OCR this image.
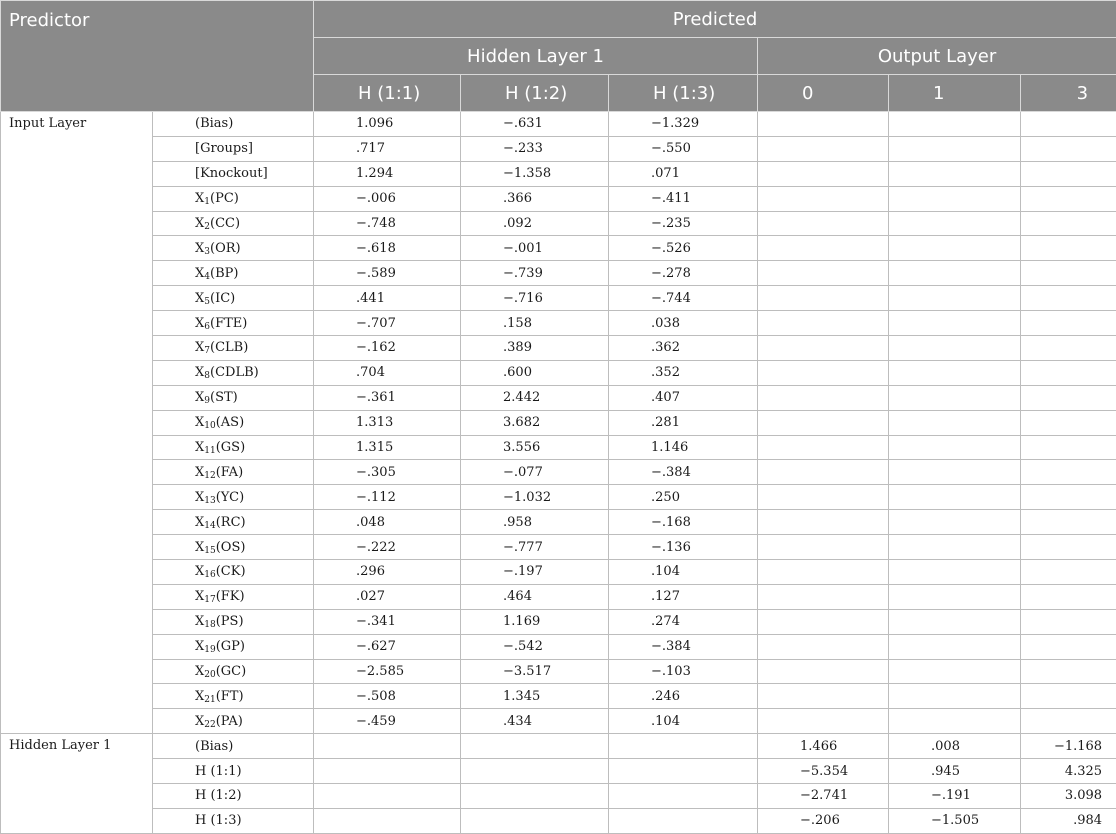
Predictor		Predicted					
		Hidden Layer 1			Output Layer		
		H (1:1)	H (1:2)	H (1:3)	0	1	3
Input Layer	(Bias)	1.096	−.631	−1.329			
	[Groups]	.717	−.233	−.550			
	[Knockout]	1.294	−1.358	.071			
	$X_1(PC)$	−.006	.366	−.411			
	$X_2(CC)$	−.748	.092	−.235			
	$X_3(OR)$	−.618	−.001	−.526			
	$X_4(BP)$	−.589	−.739	−.278			
	$X_5(IC)$	.441	−.716	−.744			
	$X_6(FTE)$	−.707	.158	.038			
	$X_7(CLB)$	−.162	.389	.362			
	$X_8(CDLB)$	.704	.600	.352			
	$X_9(ST)$	−.361	2.442	.407			
	$X_{10}(AS)$	1.313	3.682	.281			
	$X_{11}(GS)$	1.315	3.556	1.146			
	$X_{12}(FA)$	−.305	−.077	−.384			
	$X_{13}(YC)$	−.112	−1.032	.250			
	$X_{14}(RC)$	.048	.958	−.168			
	$X_{15}(OS)$	−.222	−.777	−.136			
	$X_{16}(CK)$	.296	−.197	.104			
	$X_{17}(FK)$	.027	.464	.127			
	$X_{18}(PS)$	−.341	1.169	.274			
	$X_{19}(GP)$	−.627	−.542	−.384			
	$X_{20}(GC)$	−2.585	−3.517	−.103			
	$X_{21}(FT)$	−.508	1.345	.246			
	$X_{22}(PA)$	−.459	.434	.104			
Hidden Layer 1	(Bias)				1.466	.008	−1.168
	H (1:1)				−5.354	.945	4.325
	H (1:2)				−2.741	−.191	3.098
	H (1:3)				−.206	−1.505	.984
